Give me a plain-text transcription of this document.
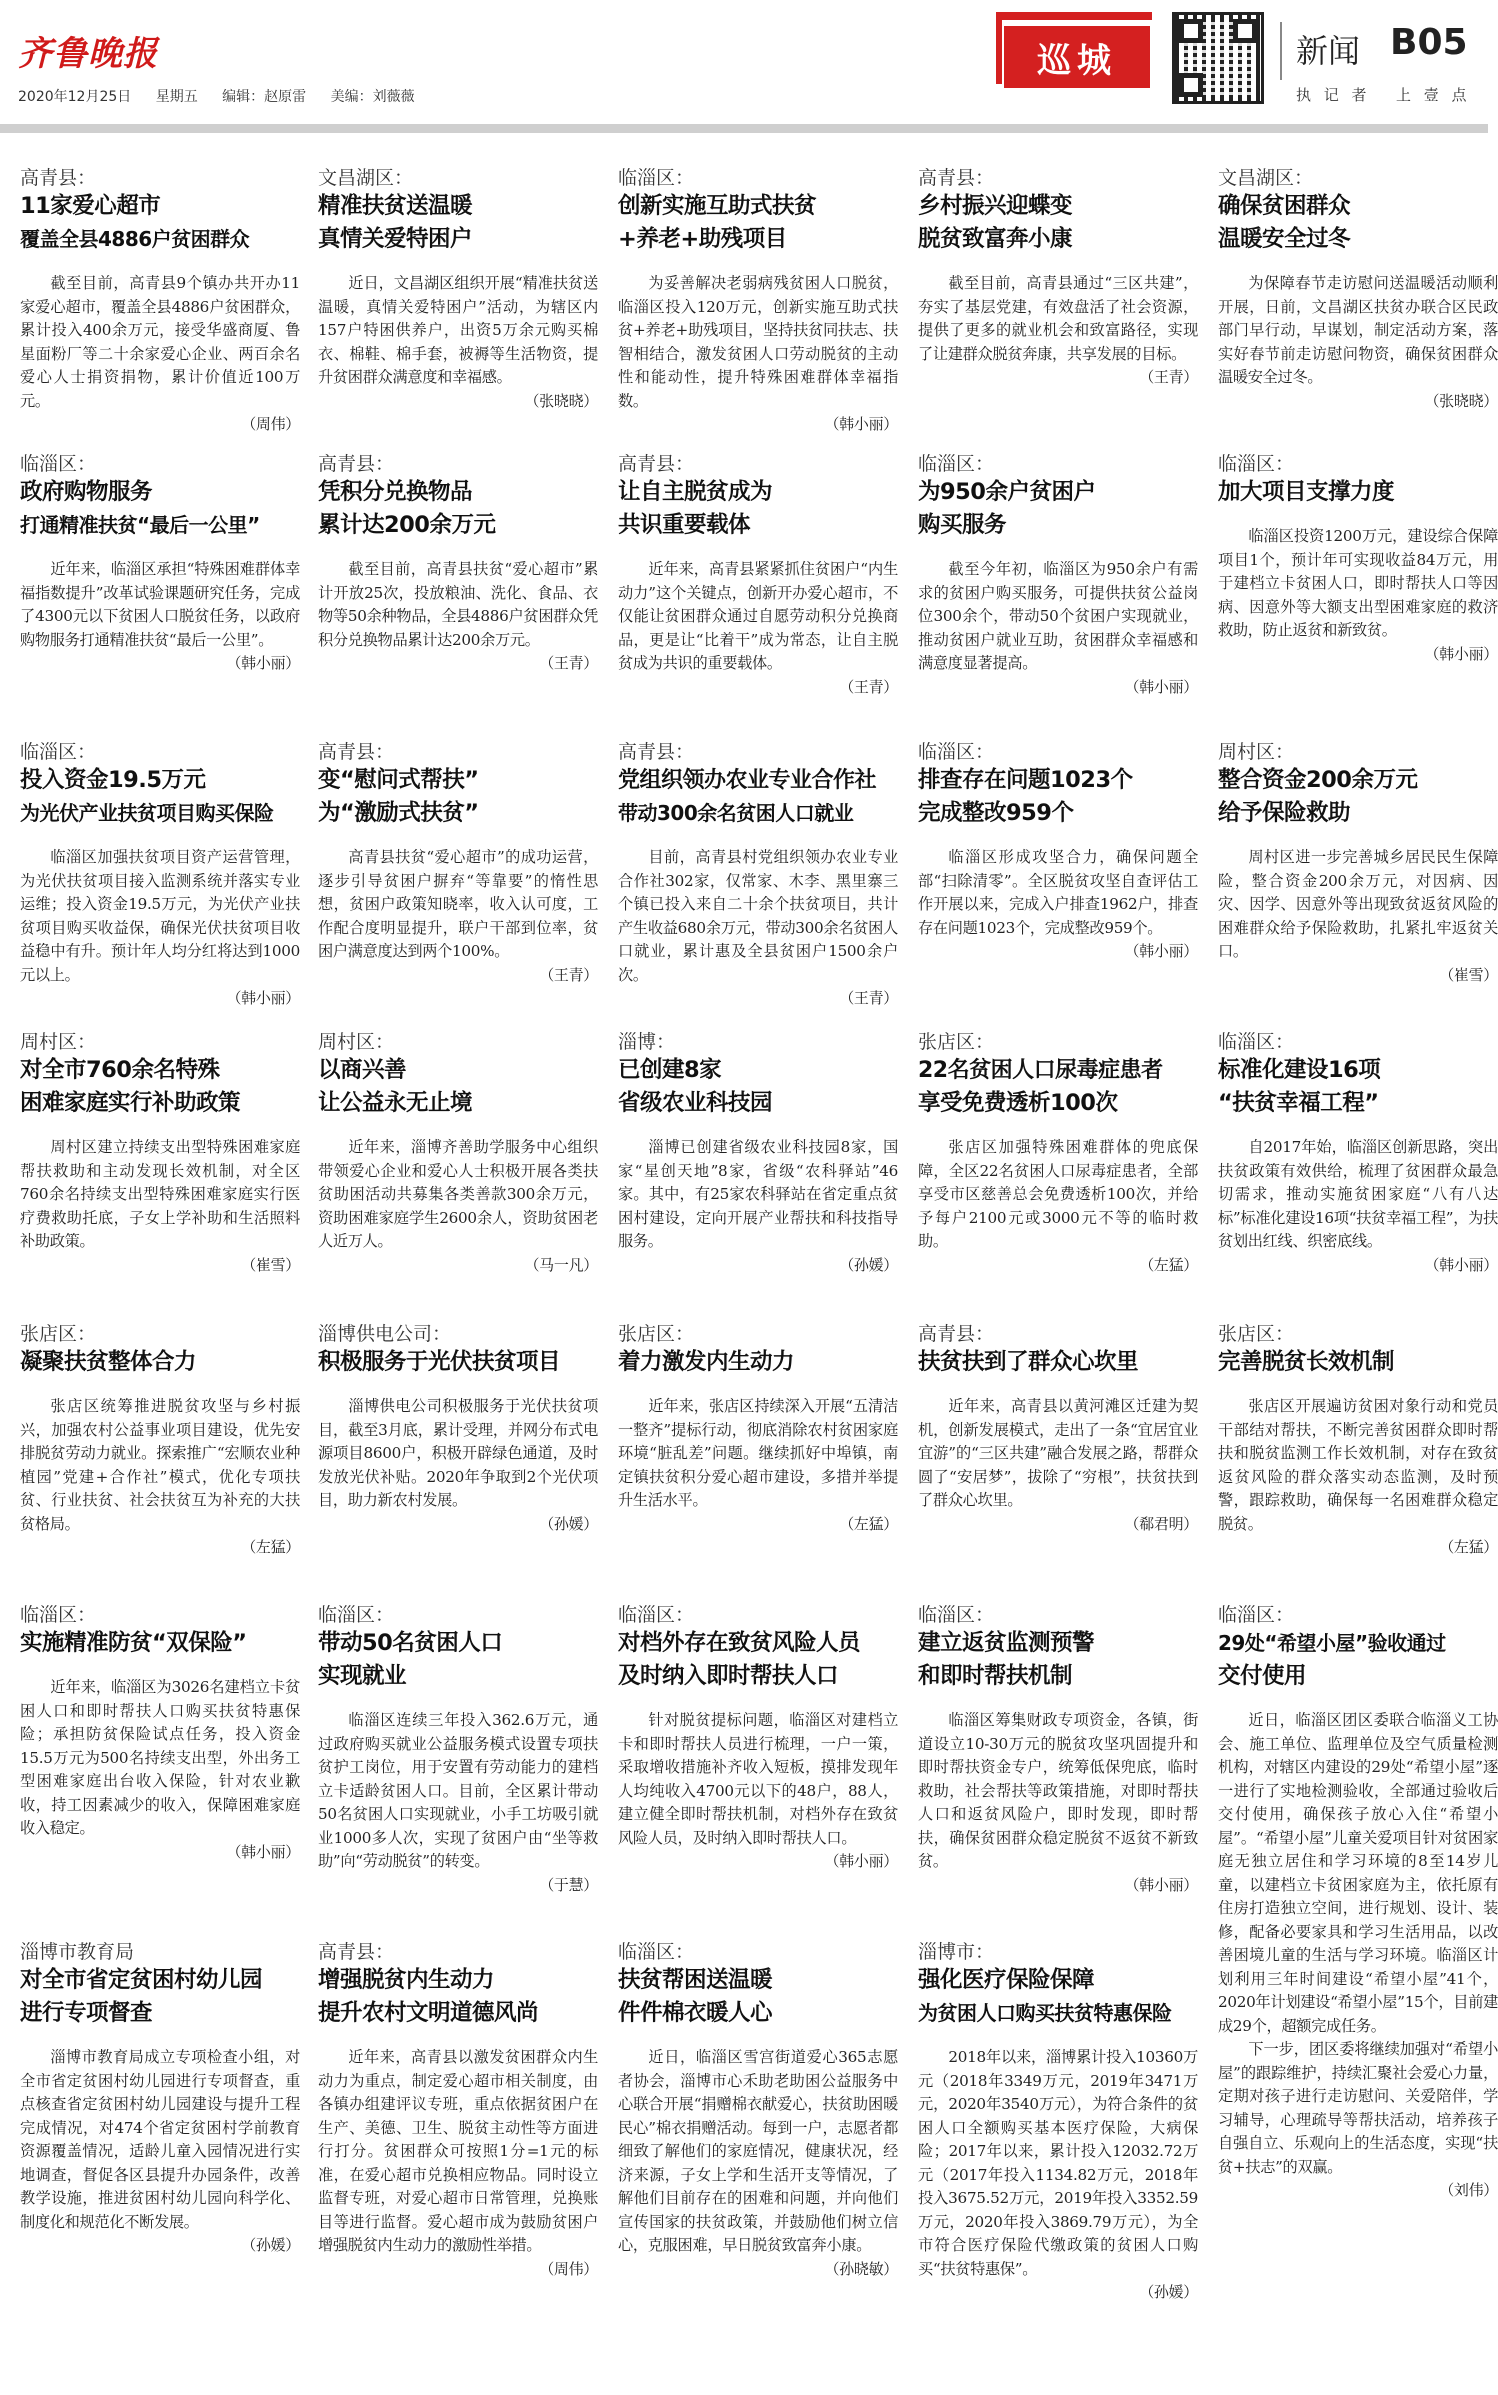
齐鲁晚报
2020年12月25日 星期五 编辑：赵原雷 美编：刘薇薇
巡城	新闻 B05
执 记 者 上 壹 点
高青县：
11家爱心超市
覆盖全县4886户贫困群众
截至目前，高青县9个镇办共开办11家爱心超市，覆盖全县4886户贫困群众，累计投入400余万元，接受华盛商厦、鲁星面粉厂等二十余家爱心企业、两百余名爱心人士捐资捐物，累计价值近100万元。
（周伟）
文昌湖区：
精准扶贫送温暖
真情关爱特困户
近日，文昌湖区组织开展“精准扶贫送温暖，真情关爱特困户”活动，为辖区内157户特困供养户，出资5万余元购买棉衣、棉鞋、棉手套，被褥等生活物资，提升贫困群众满意度和幸福感。
（张晓晓）
临淄区：
创新实施互助式扶贫
+养老+助残项目
为妥善解决老弱病残贫困人口脱贫，临淄区投入120万元，创新实施互助式扶贫+养老+助残项目，坚持扶贫同扶志、扶智相结合，激发贫困人口劳动脱贫的主动性和能动性，提升特殊困难群体幸福指数。
（韩小丽）
高青县：
乡村振兴迎蝶变
脱贫致富奔小康
截至目前，高青县通过“三区共建”，夯实了基层党建，有效盘活了社会资源，提供了更多的就业机会和致富路径，实现了让建群众脱贫奔康，共享发展的目标。
（王青）
文昌湖区：
确保贫困群众
温暖安全过冬
为保障春节走访慰问送温暖活动顺利开展，日前，文昌湖区扶贫办联合区民政部门早行动，早谋划，制定活动方案，落实好春节前走访慰问物资，确保贫困群众温暖安全过冬。
（张晓晓）
临淄区：
政府购物服务
打通精准扶贫“最后一公里”
近年来，临淄区承担“特殊困难群体幸福指数提升”改革试验课题研究任务，完成了4300元以下贫困人口脱贫任务，以政府购物服务打通精准扶贫“最后一公里”。
（韩小丽）
高青县：
凭积分兑换物品
累计达200余万元
截至目前，高青县扶贫“爱心超市”累计开放25次，投放粮油、洗化、食品、衣物等50余种物品，全县4886户贫困群众凭积分兑换物品累计达200余万元。
（王青）
高青县：
让自主脱贫成为
共识重要载体
近年来，高青县紧紧抓住贫困户“内生动力”这个关键点，创新开办爱心超市，不仅能让贫困群众通过自愿劳动积分兑换商品，更是让“比着干”成为常态，让自主脱贫成为共识的重要载体。
（王青）
临淄区：
为950余户贫困户
购买服务
截至今年初，临淄区为950余户有需求的贫困户购买服务，可提供扶贫公益岗位300余个，带动50个贫困户实现就业，推动贫困户就业互助，贫困群众幸福感和满意度显著提高。
（韩小丽）
临淄区：
加大项目支撑力度
临淄区投资1200万元，建设综合保障项目1个，预计年可实现收益84万元，用于建档立卡贫困人口，即时帮扶人口等因病、因意外等大额支出型困难家庭的救济救助，防止返贫和新致贫。
（韩小丽）
临淄区：
投入资金19.5万元
为光伏产业扶贫项目购买保险
临淄区加强扶贫项目资产运营管理，为光伏扶贫项目接入监测系统并落实专业运维；投入资金19.5万元，为光伏产业扶贫项目购买收益保，确保光伏扶贫项目收益稳中有升。预计年人均分红将达到1000元以上。
（韩小丽）
高青县：
变“慰问式帮扶”
为“激励式扶贫”
高青县扶贫“爱心超市”的成功运营，逐步引导贫困户摒弃“等靠要”的惰性思想，贫困户政策知晓率，收入认可度，工作配合度明显提升，联户干部到位率，贫困户满意度达到两个100%。
（王青）
高青县：
党组织领办农业专业合作社
带动300余名贫困人口就业
目前，高青县村党组织领办农业专业合作社302家，仅常家、木李、黑里寨三个镇已投入来自二十余个扶贫项目，共计产生收益680余万元，带动300余名贫困人口就业，累计惠及全县贫困户1500余户次。
（王青）
临淄区：
排查存在问题1023个
完成整改959个
临淄区形成攻坚合力，确保问题全部“扫除清零”。全区脱贫攻坚自查评估工作开展以来，完成入户排查1962户，排查存在问题1023个，完成整改959个。
（韩小丽）
周村区：
整合资金200余万元
给予保险救助
周村区进一步完善城乡居民民生保障险，整合资金200余万元，对因病、因灾、因学、因意外等出现致贫返贫风险的困难群众给予保险救助，扎紧扎牢返贫关口。
（崔雪）
周村区：
对全市760余名特殊
困难家庭实行补助政策
周村区建立持续支出型特殊困难家庭帮扶救助和主动发现长效机制，对全区760余名持续支出型特殊困难家庭实行医疗费救助托底，子女上学补助和生活照料补助政策。
（崔雪）
周村区：
以商兴善
让公益永无止境
近年来，淄博齐善助学服务中心组织带领爱心企业和爱心人士积极开展各类扶贫助困活动共募集各类善款300余万元，资助困难家庭学生2600余人，资助贫困老人近万人。
（马一凡）
淄博：
已创建8家
省级农业科技园
淄博已创建省级农业科技园8家，国家“星创天地”8家，省级“农科驿站”46家。其中，有25家农科驿站在省定重点贫困村建设，定向开展产业帮扶和科技指导服务。
（孙媛）
张店区：
22名贫困人口尿毒症患者
享受免费透析100次
张店区加强特殊困难群体的兜底保障，全区22名贫困人口尿毒症患者，全部享受市区慈善总会免费透析100次，并给予每户2100元或3000元不等的临时救助。
（左猛）
临淄区：
标准化建设16项
“扶贫幸福工程”
自2017年始，临淄区创新思路，突出扶贫政策有效供给，梳理了贫困群众最急切需求，推动实施贫困家庭“八有八达标”标准化建设16项“扶贫幸福工程”，为扶贫划出红线、织密底线。
（韩小丽）
张店区：
凝聚扶贫整体合力
张店区统筹推进脱贫攻坚与乡村振兴，加强农村公益事业项目建设，优先安排脱贫劳动力就业。探索推广“宏顺农业种植园”党建+合作社”模式，优化专项扶贫、行业扶贫、社会扶贫互为补充的大扶贫格局。
（左猛）
淄博供电公司：
积极服务于光伏扶贫项目
淄博供电公司积极服务于光伏扶贫项目，截至3月底，累计受理，并网分布式电源项目8600户，积极开辟绿色通道，及时发放光伏补贴。2020年争取到2个光伏项目，助力新农村发展。
（孙媛）
张店区：
着力激发内生动力
近年来，张店区持续深入开展“五清洁一整齐”提标行动，彻底消除农村贫困家庭环境“脏乱差”问题。继续抓好中埠镇，南定镇扶贫积分爱心超市建设，多措并举提升生活水平。
（左猛）
高青县：
扶贫扶到了群众心坎里
近年来，高青县以黄河滩区迁建为契机，创新发展模式，走出了一条“宜居宜业宜游”的“三区共建”融合发展之路，帮群众圆了“安居梦”，拔除了“穷根”，扶贫扶到了群众心坎里。
（郗君明）
张店区：
完善脱贫长效机制
张店区开展遍访贫困对象行动和党员干部结对帮扶，不断完善贫困群众即时帮扶和脱贫监测工作长效机制，对存在致贫返贫风险的群众落实动态监测，及时预警，跟踪救助，确保每一名困难群众稳定脱贫。
（左猛）
临淄区：
实施精准防贫“双保险”
近年来，临淄区为3026名建档立卡贫困人口和即时帮扶人口购买扶贫特惠保险；承担防贫保险试点任务，投入资金15.5万元为500名持续支出型，外出务工型困难家庭出台收入保险，针对农业歉收，持工因素减少的收入，保障困难家庭收入稳定。
（韩小丽）
临淄区：
带动50名贫困人口
实现就业
临淄区连续三年投入362.6万元，通过政府购买就业公益服务模式设置专项扶贫护工岗位，用于安置有劳动能力的建档立卡适龄贫困人口。目前，全区累计带动50名贫困人口实现就业，小手工坊吸引就业1000多人次，实现了贫困户由“坐等救助”向“劳动脱贫”的转变。
（于慧）
临淄区：
对档外存在致贫风险人员
及时纳入即时帮扶人口
针对脱贫提标问题，临淄区对建档立卡和即时帮扶人员进行梳理，一户一策，采取增收措施补齐收入短板，摸排发现年人均纯收入4700元以下的48户，88人，建立健全即时帮扶机制，对档外存在致贫风险人员，及时纳入即时帮扶人口。
（韩小丽）
临淄区：
建立返贫监测预警
和即时帮扶机制
临淄区筹集财政专项资金，各镇，街道设立10-30万元的脱贫攻坚巩固提升和即时帮扶资金专户，统筹低保兜底，临时救助，社会帮扶等政策措施，对即时帮扶人口和返贫风险户，即时发现，即时帮扶，确保贫困群众稳定脱贫不返贫不新致贫。
（韩小丽）
临淄区：
29处“希望小屋”验收通过
交付使用
近日，临淄区团区委联合临淄义工协会、施工单位、监理单位及空气质量检测机构，对辖区内建设的29处“希望小屋”逐一进行了实地检测验收，全部通过验收后交付使用，确保孩子放心入住“希望小屋”。“希望小屋”儿童关爱项目针对贫困家庭无独立居住和学习环境的8至14岁儿童，以建档立卡贫困家庭为主，依托原有住房打造独立空间，进行规划、设计、装修，配备必要家具和学习生活用品，以改善困境儿童的生活与学习环境。临淄区计划利用三年时间建设“希望小屋”41个，2020年计划建设“希望小屋”15个，目前建成29个，超额完成任务。
下一步，团区委将继续加强对“希望小屋”的跟踪维护，持续汇聚社会爱心力量，定期对孩子进行走访慰问、关爱陪伴，学习辅导，心理疏导等帮扶活动，培养孩子自强自立、乐观向上的生活态度，实现“扶贫+扶志”的双赢。
（刘伟）
淄博市教育局
对全市省定贫困村幼儿园
进行专项督查
淄博市教育局成立专项检查小组，对全市省定贫困村幼儿园进行专项督查，重点核查省定贫困村幼儿园建设与提升工程完成情况，对474个省定贫困村学前教育资源覆盖情况，适龄儿童入园情况进行实地调查，督促各区县提升办园条件，改善教学设施，推进贫困村幼儿园向科学化、制度化和规范化不断发展。
（孙媛）
高青县：
增强脱贫内生动力
提升农村文明道德风尚
近年来，高青县以激发贫困群众内生动力为重点，制定爱心超市相关制度，由各镇办组建评议专班，重点依据贫困户在生产、美德、卫生、脱贫主动性等方面进行打分。贫困群众可按照1分=1元的标准，在爱心超市兑换相应物品。同时设立监督专班，对爱心超市日常管理，兑换账目等进行监督。爱心超市成为鼓励贫困户增强脱贫内生动力的激励性举措。
（周伟）
临淄区：
扶贫帮困送温暖
件件棉衣暖人心
近日，临淄区雪宫街道爱心365志愿者协会，淄博市心禾助老助困公益服务中心联合开展“捐赠棉衣献爱心，扶贫助困暖民心”棉衣捐赠活动。每到一户，志愿者都细致了解他们的家庭情况，健康状况，经济来源，子女上学和生活开支等情况，了解他们目前存在的困难和问题，并向他们宣传国家的扶贫政策，并鼓励他们树立信心，克服困难，早日脱贫致富奔小康。
（孙晓敏）
淄博市：
强化医疗保险保障
为贫困人口购买扶贫特惠保险
2018年以来，淄博累计投入10360万元（2018年3349万元，2019年3471万元，2020年3540万元），为符合条件的贫困人口全额购买基本医疗保险，大病保险；2017年以来，累计投入12032.72万元（2017年投入1134.82万元，2018年投入3675.52万元，2019年投入3352.59万元，2020年投入3869.79万元），为全市符合医疗保险代缴政策的贫困人口购买“扶贫特惠保”。
（孙媛）
